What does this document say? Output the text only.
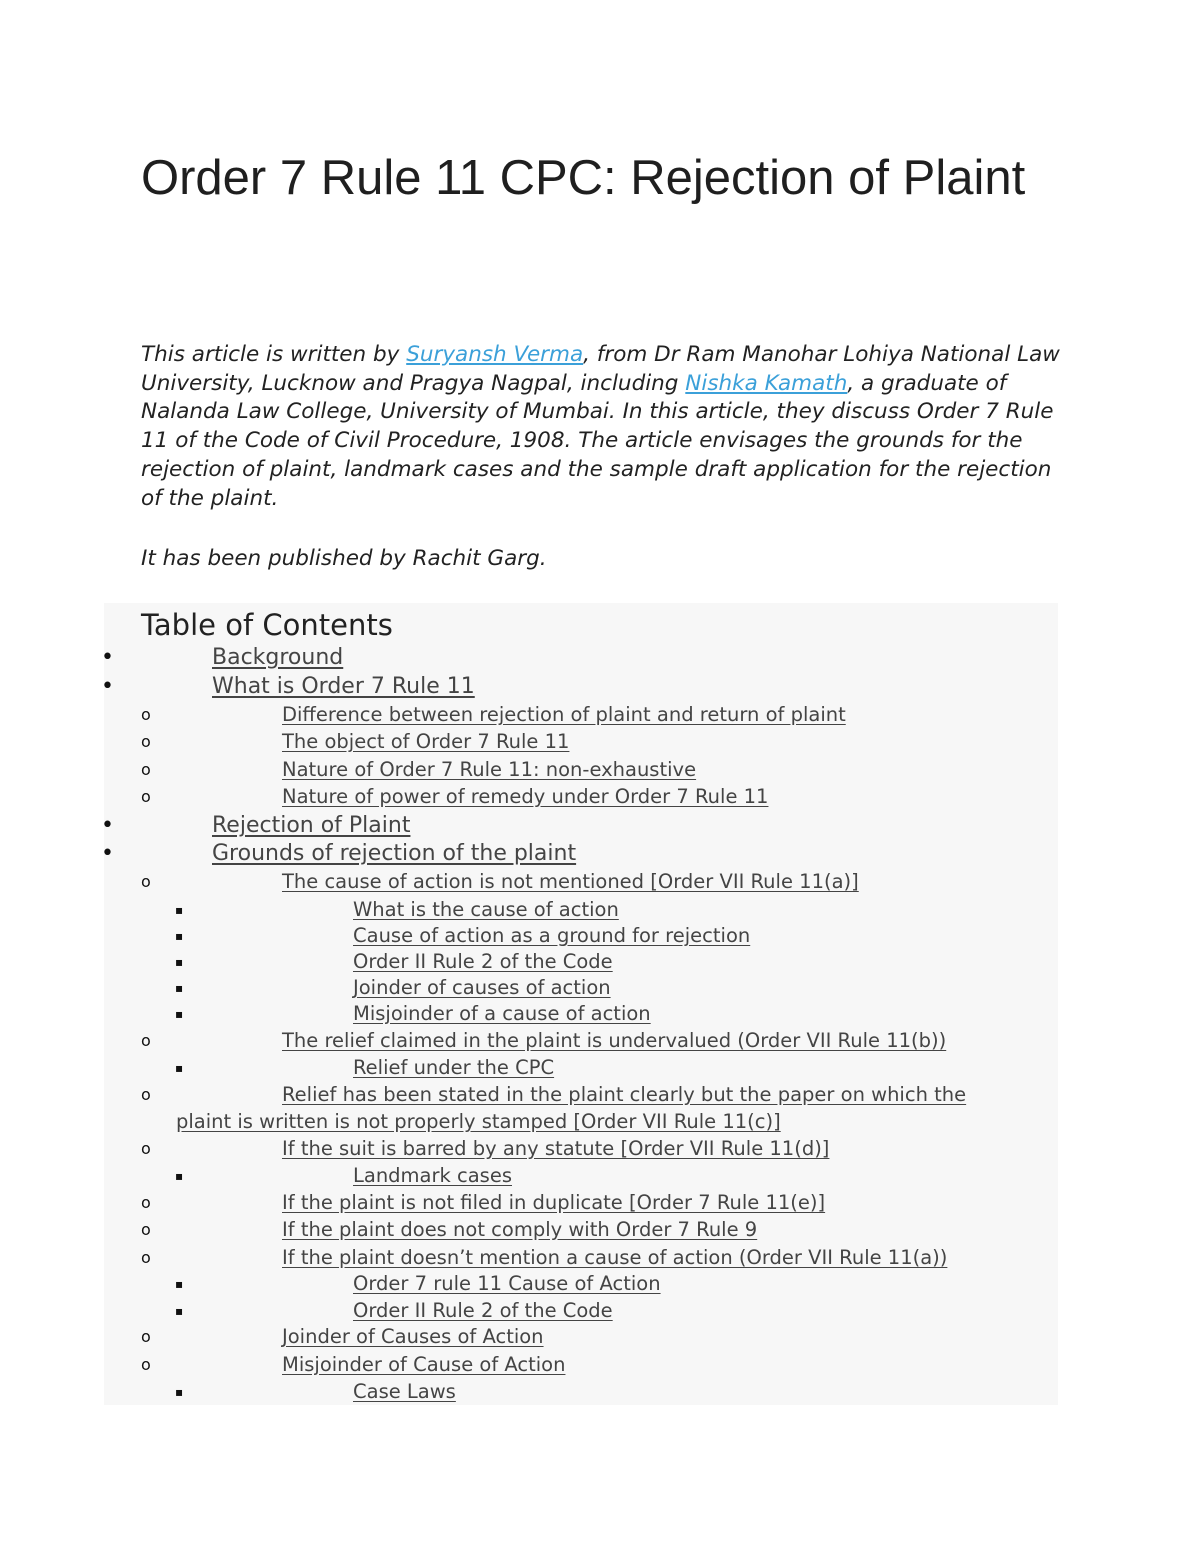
Order 7 Rule 11 CPC: Rejection of Plaint

This article is written by Suryansh Verma, from Dr Ram Manohar Lohiya National Law University, Lucknow and Pragya Nagpal, including Nishka Kamath, a graduate of Nalanda Law College, University of Mumbai. In this article, they discuss Order 7 Rule 11 of the Code of Civil Procedure, 1908. The article envisages the grounds for the rejection of plaint, landmark cases and the sample draft application for the rejection of the plaint.

It has been published by Rachit Garg.

Table of Contents
•	Background
•	What is Order 7 Rule 11
o	Difference between rejection of plaint and return of plaint
o	The object of Order 7 Rule 11
o	Nature of Order 7 Rule 11: non-exhaustive
o	Nature of power of remedy under Order 7 Rule 11
•	Rejection of Plaint
•	Grounds of rejection of the plaint
o	The cause of action is not mentioned [Order VII Rule 11(a)]
▪	What is the cause of action
▪	Cause of action as a ground for rejection
▪	Order II Rule 2 of the Code
▪	Joinder of causes of action
▪	Misjoinder of a cause of action
o	The relief claimed in the plaint is undervalued (Order VII Rule 11(b))
▪	Relief under the CPC
o	Relief has been stated in the plaint clearly but the paper on which the
plaint is written is not properly stamped [Order VII Rule 11(c)]
o	If the suit is barred by any statute [Order VII Rule 11(d)]
▪	Landmark cases
o	If the plaint is not filed in duplicate [Order 7 Rule 11(e)]
o	If the plaint does not comply with Order 7 Rule 9
o	If the plaint doesn’t mention a cause of action (Order VII Rule 11(a))
▪	Order 7 rule 11 Cause of Action
▪	Order II Rule 2 of the Code
o	Joinder of Causes of Action
o	Misjoinder of Cause of Action
▪	Case Laws
